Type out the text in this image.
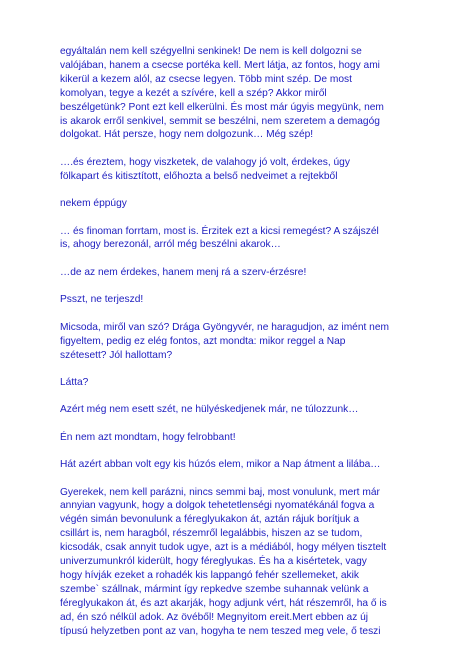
egyáltalán nem kell szégyellni senkinek! De nem is kell dolgozni se
valójában, hanem a csecse portéka kell. Mert látja, az fontos, hogy ami
kikerül a kezem alól, az csecse legyen. Több mint szép. De most
komolyan, tegye a kezét a szívére, kell a szép? Akkor miről
beszélgetünk? Pont ezt kell elkerülni. És most már úgyis megyünk, nem
is akarok erről senkivel, semmit se beszélni, nem szeretem a demagóg
dolgokat. Hát persze, hogy nem dolgozunk… Még szép!

….és éreztem, hogy viszketek, de valahogy jó volt, érdekes, úgy
fölkapart és kitisztított, előhozta a belső nedveimet a rejtekből

nekem éppúgy

… és finoman forrtam, most is. Érzitek ezt a kicsi remegést? A szájszél
is, ahogy berezonál, arról még beszélni akarok…

…de az nem érdekes, hanem menj rá a szerv-érzésre!

Psszt, ne terjeszd!

Micsoda, miről van szó? Drága Gyöngyvér, ne haragudjon, az imént nem
figyeltem, pedig ez elég fontos, azt mondta: mikor reggel a Nap
szétesett? Jól hallottam?

Látta?

Azért még nem esett szét, ne hülyéskedjenek már, ne túlozzunk…

Én nem azt mondtam, hogy felrobbant!

Hát azért abban volt egy kis húzós elem, mikor a Nap átment a lilába…

Gyerekek, nem kell parázni, nincs semmi baj, most vonulunk, mert már
annyian vagyunk, hogy a dolgok tehetetlenségi nyomatékánál fogva a
végén simán bevonulunk a féreglyukakon át, aztán rájuk borítjuk a
csillárt is, nem haragból, részemről legalábbis, hiszen az se tudom,
kicsodák, csak annyit tudok ugye, azt is a médiából, hogy mélyen tisztelt
univerzumunkról kiderült, hogy féreglyukas. És ha a kisértetek, vagy
hogy hívják ezeket a rohadék kis lappangó fehér szellemeket, akik
szembe` szállnak, mármint így repkedve szembe suhannak velünk a
féreglyukakon át, és azt akarják, hogy adjunk vért, hát részemről, ha ő is
ad, én szó nélkül adok. Az övéből! Megnyitom ereit.Mert ebben az új
típusú helyzetben pont az van, hogyha te nem teszed meg vele, ő teszi
